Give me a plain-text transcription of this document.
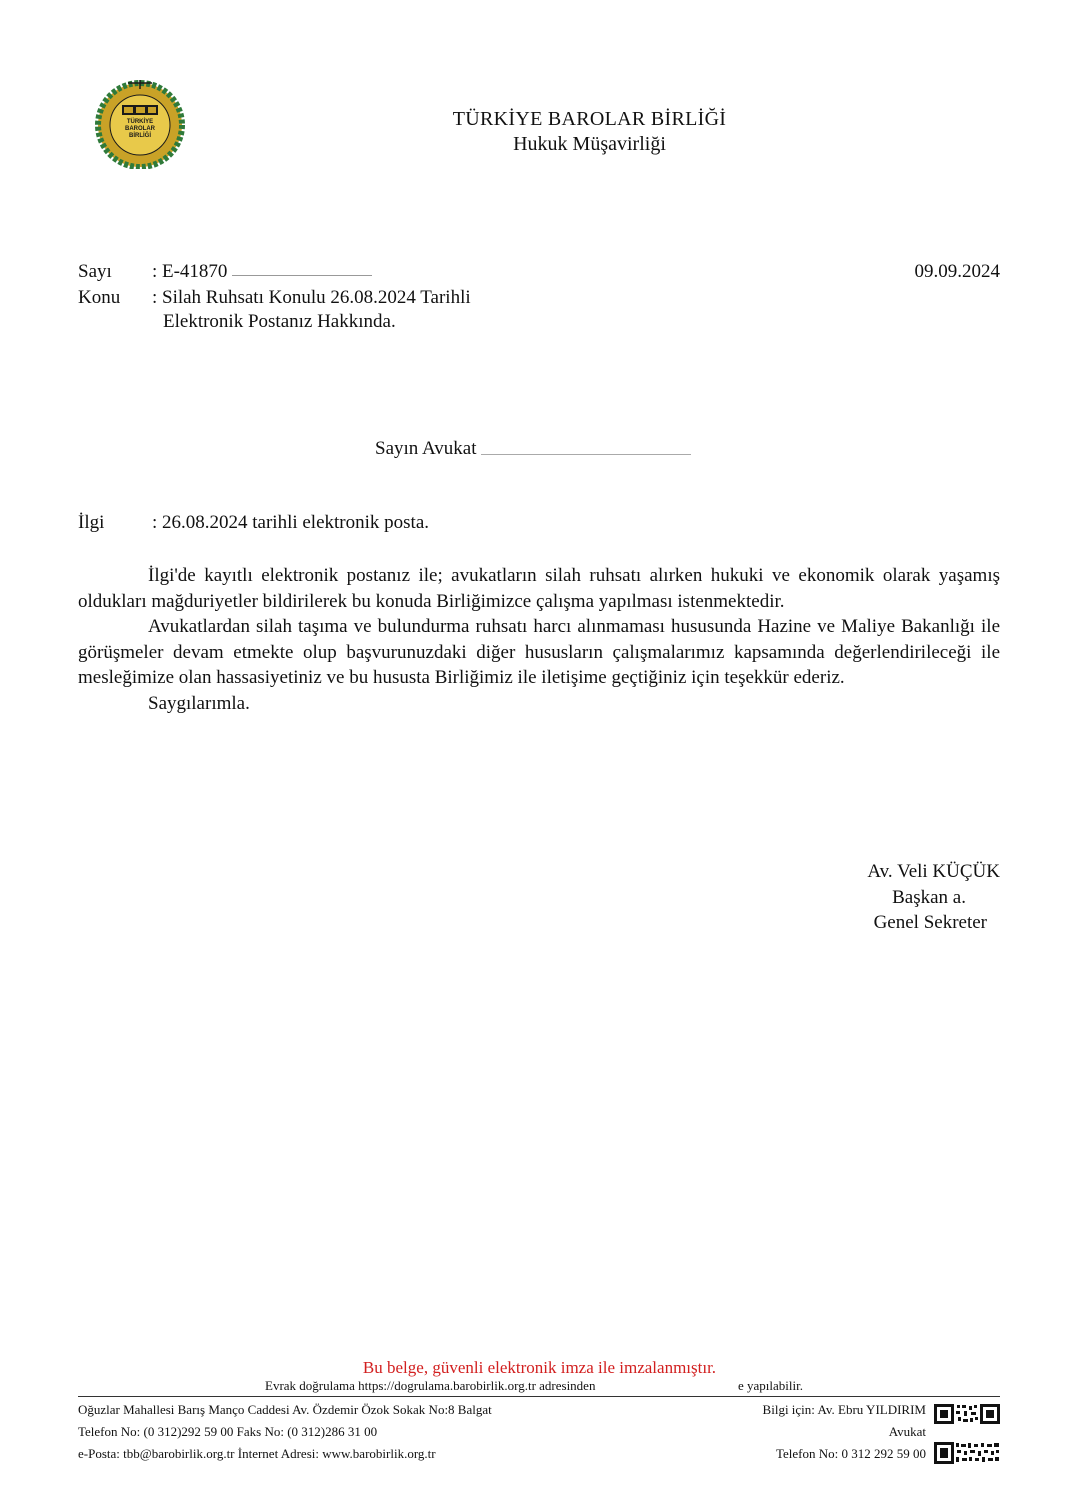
TÜRKİYE
BAROLAR
BİRLİĞİ
TÜRKİYE BAROLAR BİRLİĞİ
Hukuk Müşavirliği
Sayı : E-41870
Konu : Silah Ruhsatı Konulu 26.08.2024 Tarihli
Elektronik Postanız Hakkında.
09.09.2024
Sayın Avukat
İlgi	: 26.08.2024 tarihli elektronik posta.

İlgi'de kayıtlı elektronik postanız ile; avukatların silah ruhsatı alırken hukuki ve ekonomik olarak yaşamış oldukları mağduriyetler bildirilerek bu konuda Birliğimizce çalışma yapılması istenmektedir.

Avukatlardan silah taşıma ve bulundurma ruhsatı harcı alınmaması hususunda Hazine ve Maliye Bakanlığı ile görüşmeler devam etmekte olup başvurunuzdaki diğer hususların çalışmalarımız kapsamında değerlendirileceği ile mesleğimize olan hassasiyetiniz ve bu hususta Birliğimiz ile iletişime geçtiğiniz için teşekkür ederiz.

Saygılarımla.

Av. Veli KÜÇÜK
Başkan a.
Genel Sekreter
Bu belge, güvenli elektronik imza ile imzalanmıştır.
Evrak doğrulama https://dogrulama.barobirlik.org.tr adresinden	e yapılabilir.
Oğuzlar Mahallesi Barış Manço Caddesi Av. Özdemir Özok Sokak No:8 Balgat
Telefon No: (0 312)292 59 00 Faks No: (0 312)286 31 00
e-Posta: tbb@barobirlik.org.tr İnternet Adresi: www.barobirlik.org.tr
Bilgi için: Av. Ebru YILDIRIM
Avukat
Telefon No: 0 312 292 59 00
